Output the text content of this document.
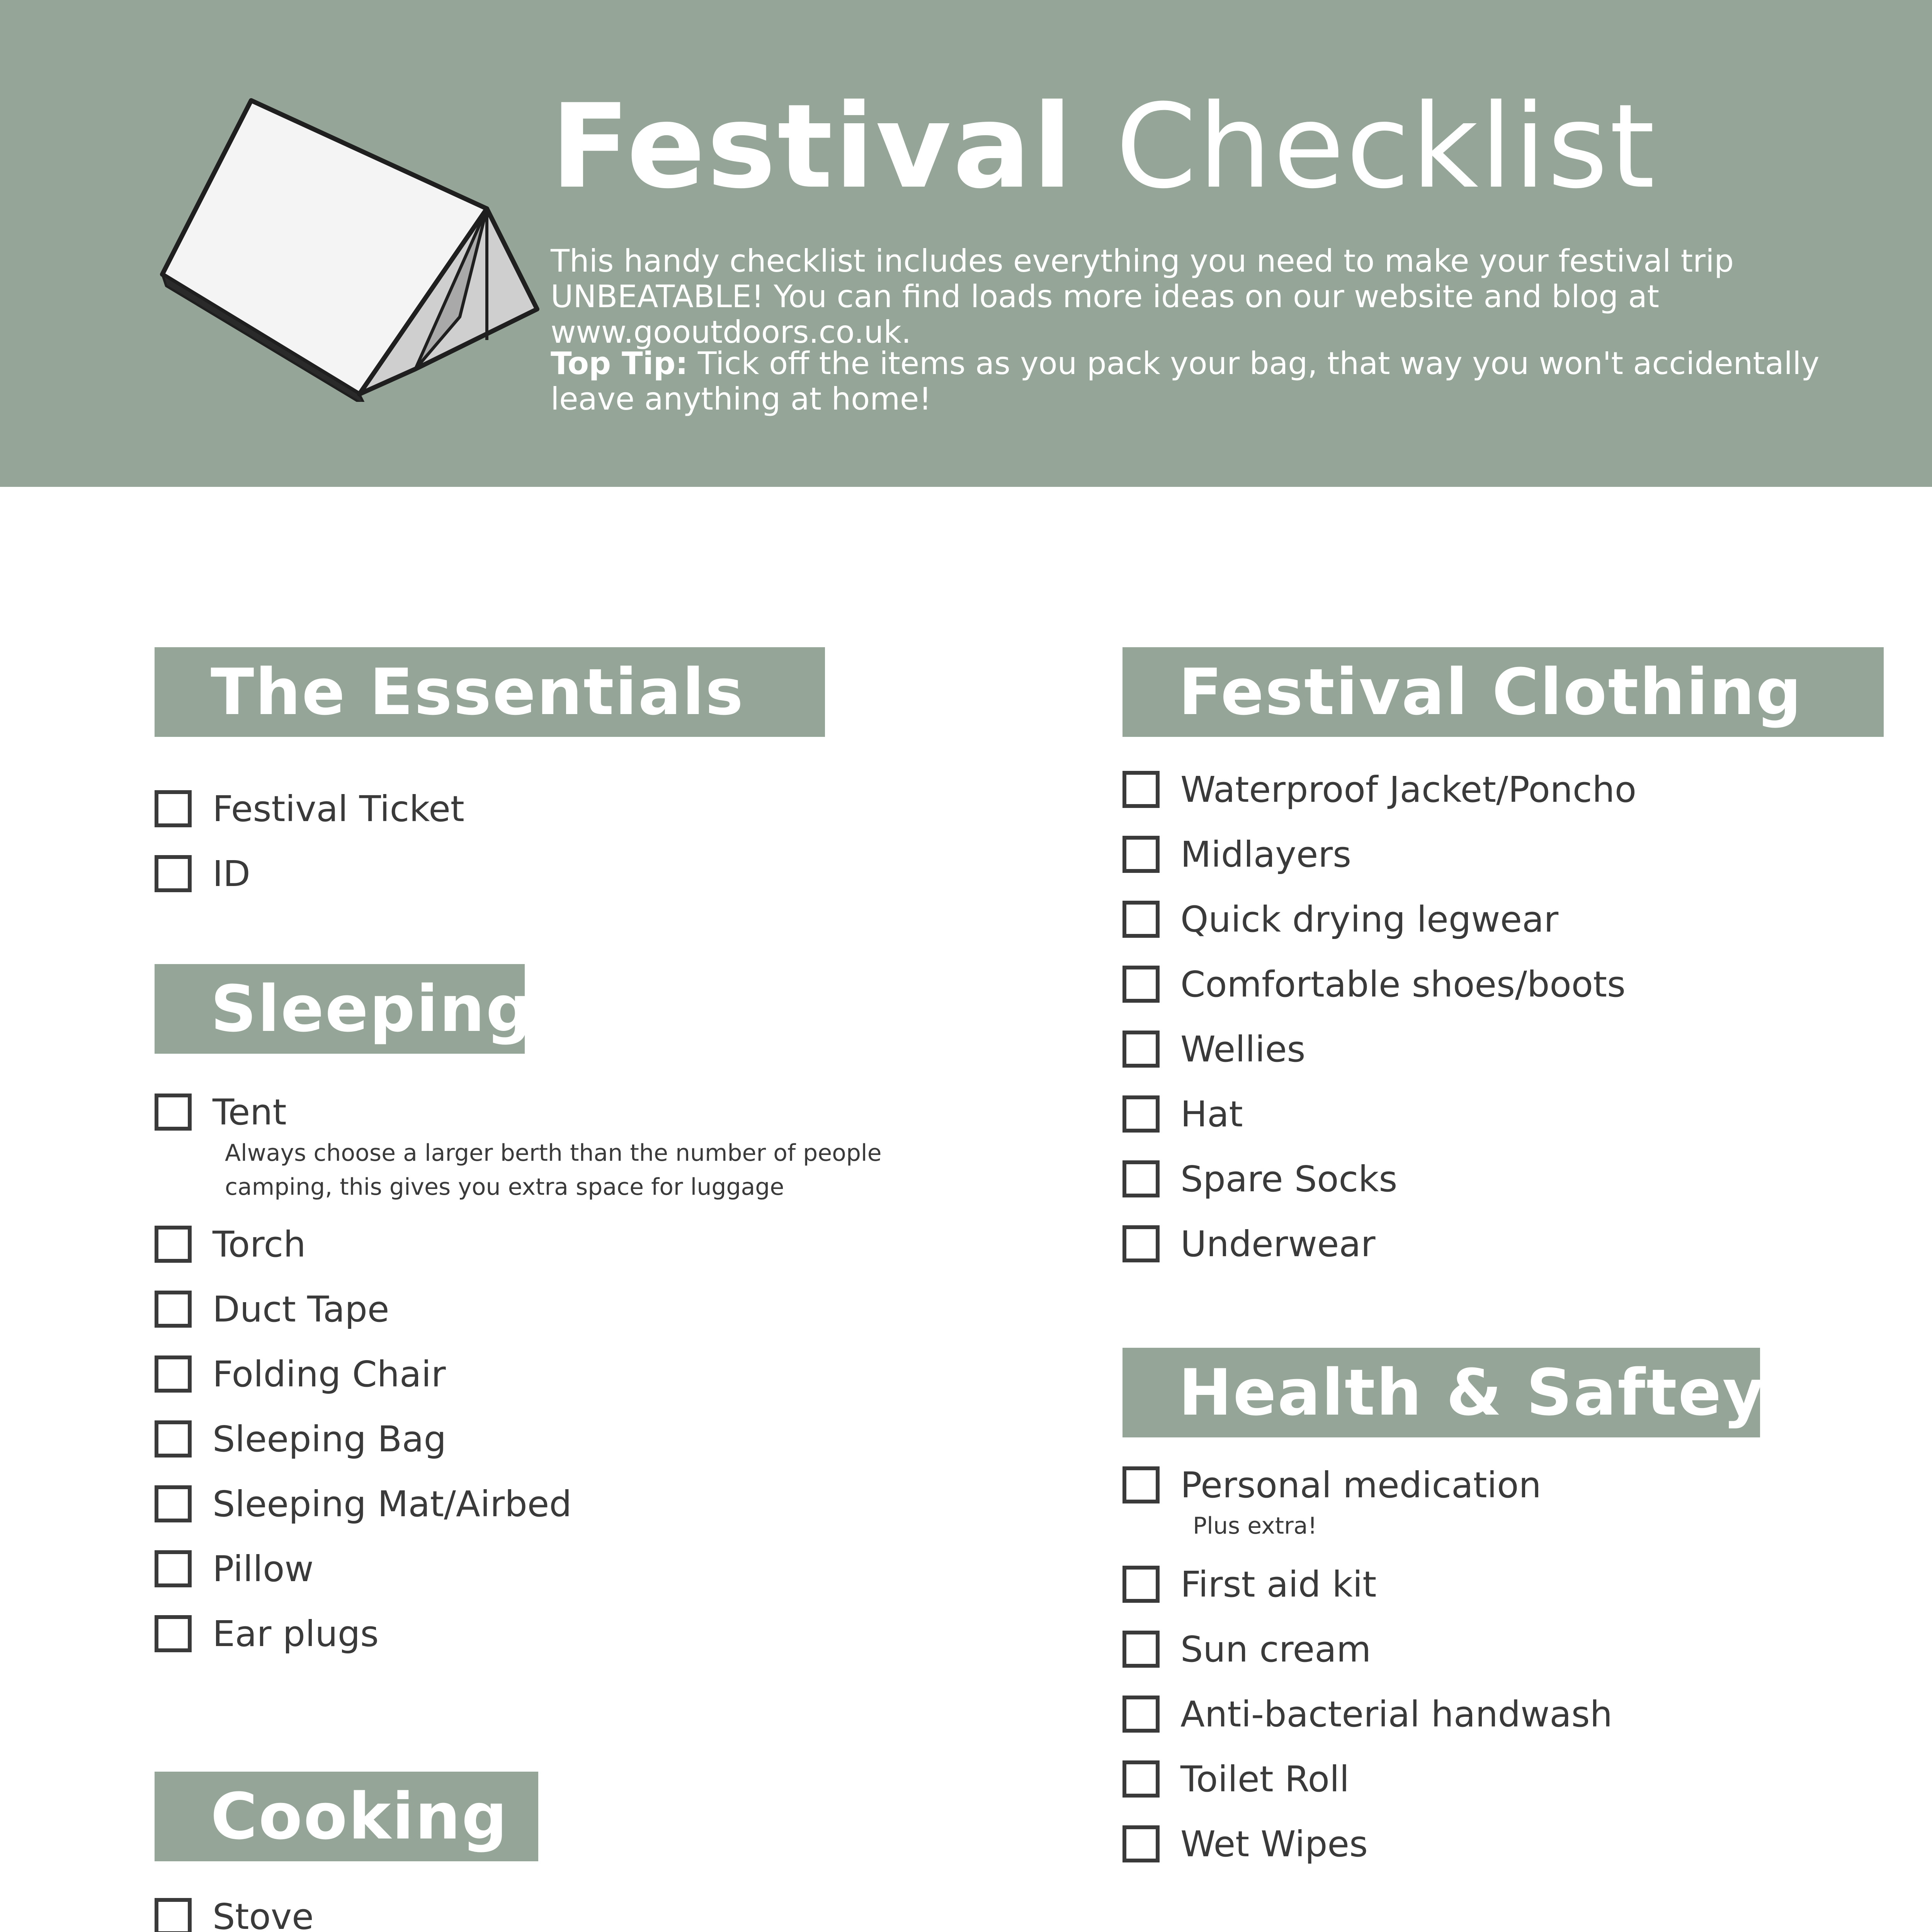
Festival Checklist

This handy checklist includes everything you need to make your festival trip UNBEATABLE! You can find loads more ideas on our website and blog at www.gooutdoors.co.uk.

Top Tip: Tick off the items as you pack your bag, that way you won't accidentally leave anything at home!

The Essentials
Festival Ticket
ID
Sleeping
Tent
Always choose a larger berth than the number of people camping, this gives you extra space for luggage
Torch
Duct Tape
Folding Chair
Sleeping Bag
Sleeping Mat/Airbed
Pillow
Ear plugs
Cooking
Stove
Festival Clothing
Waterproof Jacket/Poncho
Midlayers
Quick drying legwear
Comfortable shoes/boots
Wellies
Hat
Spare Socks
Underwear
Health & Saftey
Personal medication
Plus extra!
First aid kit
Sun cream
Anti-bacterial handwash
Toilet Roll
Wet Wipes
